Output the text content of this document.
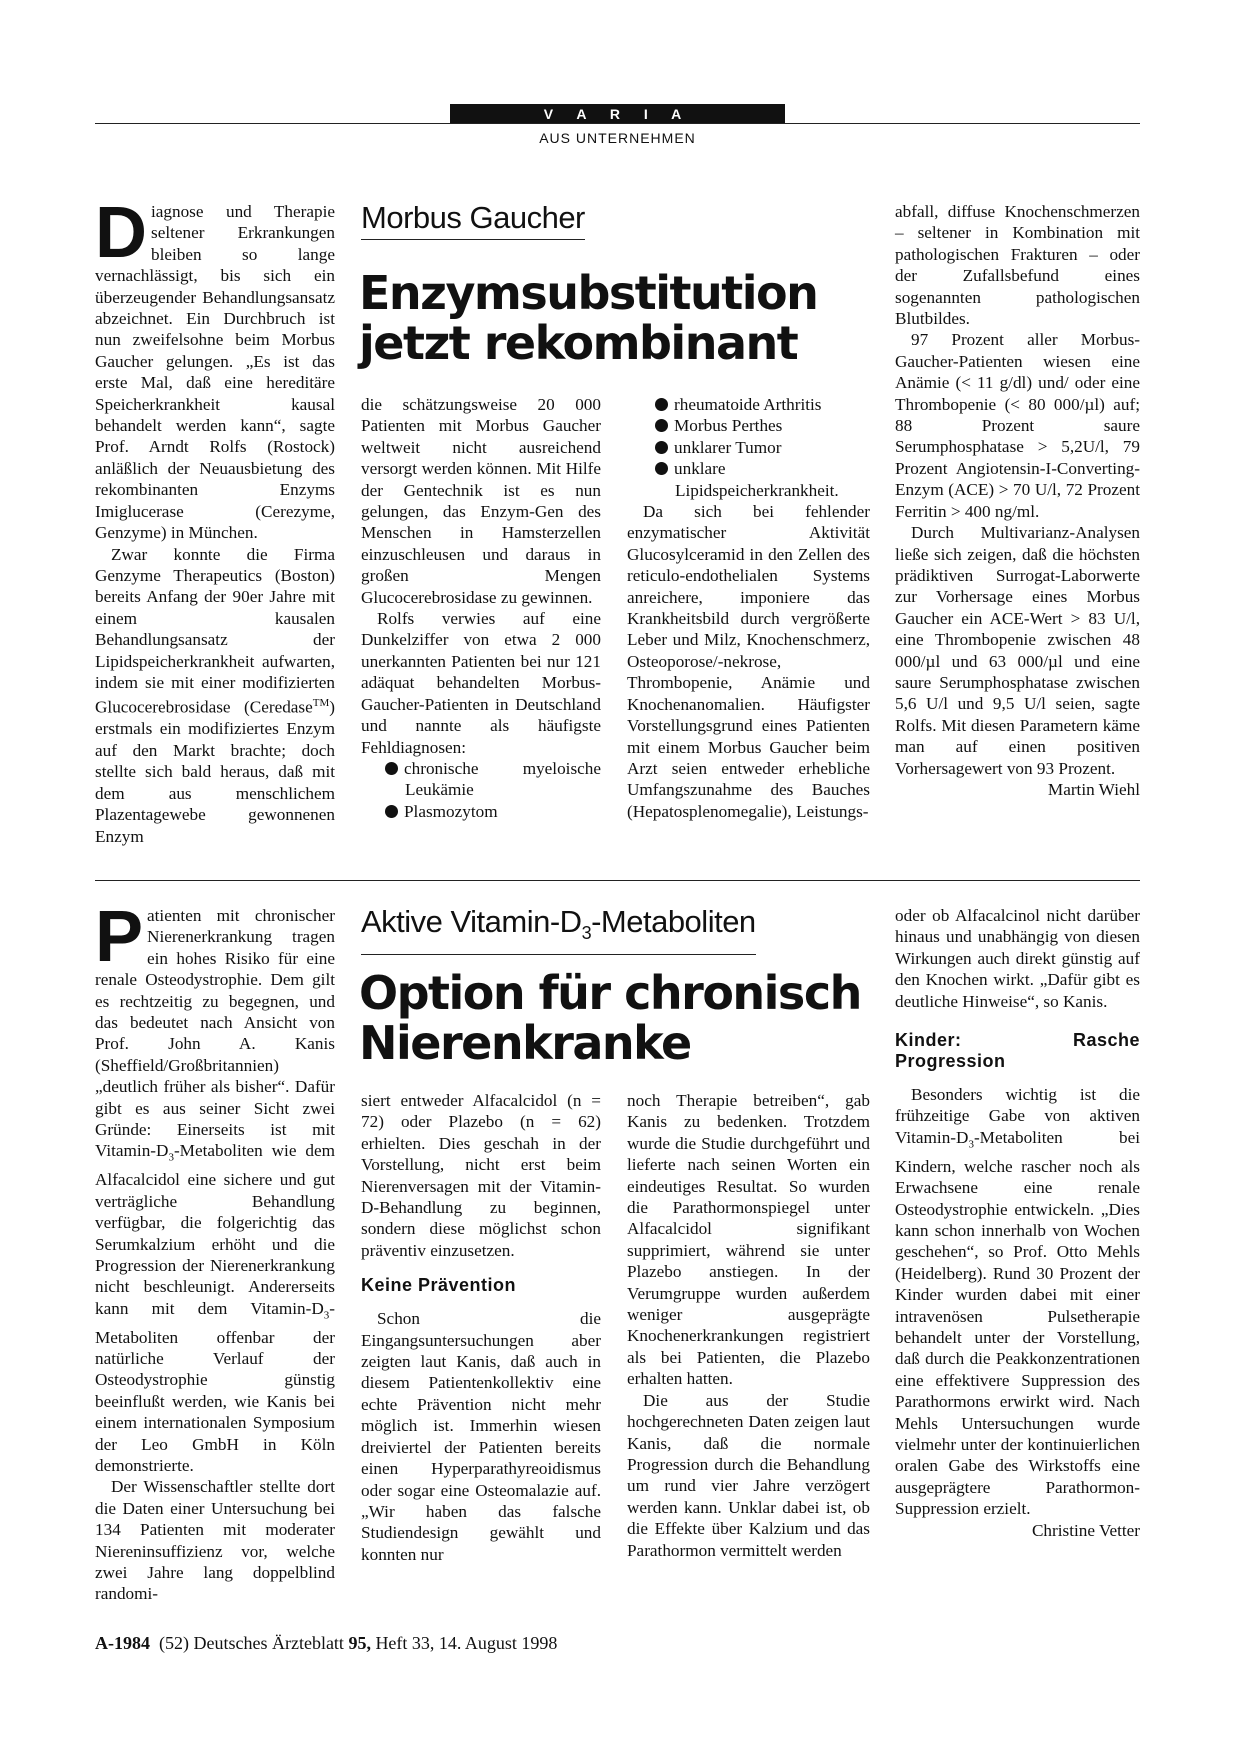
V A R I A
AUS UNTERNEHMEN

Diagnose und Therapie seltener Erkrankungen bleiben so lange vernachlässigt, bis sich ein überzeugender Behandlungsansatz abzeichnet. Ein Durchbruch ist nun zweifelsohne beim Morbus Gaucher gelungen. „Es ist das erste Mal, daß eine hereditäre Speicherkrankheit kausal behandelt werden kann“, sagte Prof. Arndt Rolfs (Rostock) anläßlich der Neuausbietung des rekombinanten Enzyms Imiglucerase (Cerezyme, Genzyme) in München.

Zwar konnte die Firma Genzyme Therapeutics (Boston) bereits Anfang der 90er Jahre mit einem kausalen Behandlungsansatz der Lipidspeicherkrankheit aufwarten, indem sie mit einer modifizierten Glucocerebrosidase (Ceredase™) erstmals ein modifiziertes Enzym auf den Markt brachte; doch stellte sich bald heraus, daß mit dem aus menschlichem Plazentagewebe gewonnenen Enzym

Morbus Gaucher
Enzymsubstitution
jetzt rekombinant

die schätzungsweise 20 000 Patienten mit Morbus Gaucher weltweit nicht ausreichend versorgt werden können. Mit Hilfe der Gentechnik ist es nun gelungen, das Enzym-Gen des Menschen in Hamsterzellen einzuschleusen und daraus in großen Mengen Glucocerebrosidase zu gewinnen.

Rolfs verwies auf eine Dunkelziffer von etwa 2 000 unerkannten Patienten bei nur 121 adäquat behandelten Morbus-Gaucher-Patienten in Deutschland und nannte als häufigste Fehldiagnosen:

chronische myeloische Leukämie
Plasmozytom
rheumatoide Arthritis
Morbus Perthes
unklarer Tumor
unklare Lipidspeicherkrankheit.

Da sich bei fehlender enzymatischer Aktivität Glucosylceramid in den Zellen des reticulo-endothelialen Systems anreichere, imponiere das Krankheitsbild durch vergrößerte Leber und Milz, Knochenschmerz, Osteoporose/-nekrose, Thrombopenie, Anämie und Knochenanomalien. Häufigster Vorstellungsgrund eines Patienten mit einem Morbus Gaucher beim Arzt seien entweder erhebliche Umfangszunahme des Bauches (Hepatosplenomegalie), Leistungs-

abfall, diffuse Knochenschmerzen – seltener in Kombination mit pathologischen Frakturen – oder der Zufallsbefund eines sogenannten pathologischen Blutbildes.

97 Prozent aller Morbus-Gaucher-Patienten wiesen eine Anämie (< 11 g/dl) und/ oder eine Thrombopenie (< 80 000/µl) auf; 88 Prozent saure Serumphosphatase > 5,2U/l, 79 Prozent Angiotensin-I-Converting-Enzym (ACE) > 70 U/l, 72 Prozent Ferritin > 400 ng/ml.

Durch Multivarianz-Analysen ließe sich zeigen, daß die höchsten prädiktiven Surrogat-Laborwerte zur Vorhersage eines Morbus Gaucher ein ACE-Wert > 83 U/l, eine Thrombopenie zwischen 48 000/µl und 63 000/µl und eine saure Serumphosphatase zwischen 5,6 U/l und 9,5 U/l seien, sagte Rolfs. Mit diesen Parametern käme man auf einen positiven Vorhersagewert von 93 Prozent.

Martin Wiehl

Patienten mit chronischer Nierenerkrankung tragen ein hohes Risiko für eine renale Osteodystrophie. Dem gilt es rechtzeitig zu begegnen, und das bedeutet nach Ansicht von Prof. John A. Kanis (Sheffield/Großbritannien) „deutlich früher als bisher“. Dafür gibt es aus seiner Sicht zwei Gründe: Einerseits ist mit Vitamin-$D_3$-Metaboliten wie dem Alfacalcidol eine sichere und gut verträgliche Behandlung verfügbar, die folgerichtig das Serumkalzium erhöht und die Progression der Nierenerkrankung nicht beschleunigt. Andererseits kann mit dem Vitamin-$D_3$-Metaboliten offenbar der natürliche Verlauf der Osteodystrophie günstig beeinflußt werden, wie Kanis bei einem internationalen Symposium der Leo GmbH in Köln demonstrierte.

Der Wissenschaftler stellte dort die Daten einer Untersuchung bei 134 Patienten mit moderater Niereninsuffizienz vor, welche zwei Jahre lang doppelblind randomi-

Aktive Vitamin-$D_3$-Metaboliten
Option für chronisch
Nierenkranke

siert entweder Alfacalcidol (n = 72) oder Plazebo (n = 62) erhielten. Dies geschah in der Vorstellung, nicht erst beim Nierenversagen mit der Vitamin-D-Behandlung zu beginnen, sondern diese möglichst schon präventiv einzusetzen.

Keine Prävention

Schon die Eingangsuntersuchungen aber zeigten laut Kanis, daß auch in diesem Patientenkollektiv eine echte Prävention nicht mehr möglich ist. Immerhin wiesen dreiviertel der Patienten bereits einen Hyperparathyreoidismus oder sogar eine Osteomalazie auf. „Wir haben das falsche Studiendesign gewählt und konnten nur

noch Therapie betreiben“, gab Kanis zu bedenken. Trotzdem wurde die Studie durchgeführt und lieferte nach seinen Worten ein eindeutiges Resultat. So wurden die Parathormonspiegel unter Alfacalcidol signifikant supprimiert, während sie unter Plazebo anstiegen. In der Verumgruppe wurden außerdem weniger ausgeprägte Knochenerkrankungen registriert als bei Patienten, die Plazebo erhalten hatten.

Die aus der Studie hochgerechneten Daten zeigen laut Kanis, daß die normale Progression durch die Behandlung um rund vier Jahre verzögert werden kann. Unklar dabei ist, ob die Effekte über Kalzium und das Parathormon vermittelt werden

oder ob Alfacalcinol nicht darüber hinaus und unabhängig von diesen Wirkungen auch direkt günstig auf den Knochen wirkt. „Dafür gibt es deutliche Hinweise“, so Kanis.

Kinder: Rasche Progression

Besonders wichtig ist die frühzeitige Gabe von aktiven Vitamin-$D_3$-Metaboliten bei Kindern, welche rascher noch als Erwachsene eine renale Osteodystrophie entwickeln. „Dies kann schon innerhalb von Wochen geschehen“, so Prof. Otto Mehls (Heidelberg). Rund 30 Prozent der Kinder wurden dabei mit einer intravenösen Pulsetherapie behandelt unter der Vorstellung, daß durch die Peakkonzentrationen eine effektivere Suppression des Parathormons erwirkt wird. Nach Mehls Untersuchungen wurde vielmehr unter der kontinuierlichen oralen Gabe des Wirkstoffs eine ausgeprägtere Parathormon-Suppression erzielt.

Christine Vetter
A-1984 (52) Deutsches Ärzteblatt 95, Heft 33, 14. August 1998
